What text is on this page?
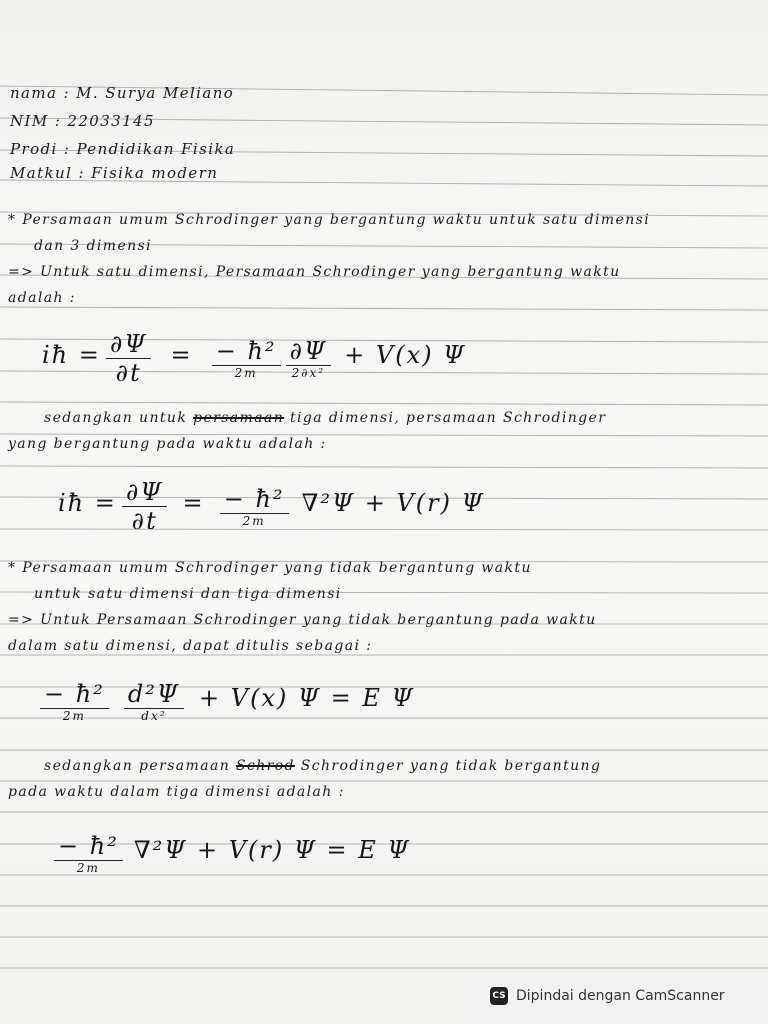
nama : M. Surya Meliano
NIM : 22033145
Prodi : Pendidikan Fisika
Matkul : Fisika modern
* Persamaan umum Schrodinger yang bergantung waktu untuk satu dimensi
dan 3 dimensi
=> Untuk satu dimensi, Persamaan Schrodinger yang bergantung waktu
adalah :
iħ = $\frac{\partial\Psi}{\partial t} = \frac{\text{− ħ²}}{2m}$
$\frac{\partial\Psi}{\text{2∂x²}} + V(x)$ Ψ
sedangkan untuk persamaan tiga dimensi, persamaan Schrodinger
yang bergantung pada waktu adalah :
iħ = $\frac{\partial\Psi}{\partial t} = \frac{\text{− ħ²}}{2m} \nabla^2\Psi + V(r)$ Ψ
* Persamaan umum Schrodinger yang tidak bergantung waktu
untuk satu dimensi dan tiga dimensi
=> Untuk Persamaan Schrodinger yang tidak bergantung pada waktu
dalam satu dimensi, dapat ditulis sebagai :
$\frac{\text{− ħ²}}{2m}$
$\frac{\text{d²Ψ}}{\text{dx²}} + V(x) \Psi = E$ Ψ
sedangkan persamaan Schrod Schrodinger yang tidak bergantung
pada waktu dalam tiga dimensi adalah :
$\frac{\text{− ħ²}}{2m} \nabla^2\Psi + V(r) \Psi = E$ Ψ
CS Dipindai dengan CamScanner
